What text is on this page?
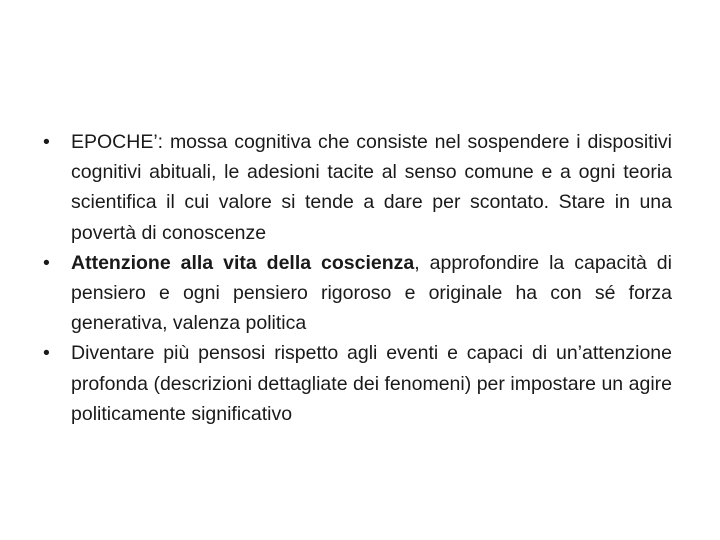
•	EPOCHE’: mossa cognitiva che consiste nel sospendere i dispositivi cognitivi abituali, le adesioni tacite al senso comune e a ogni teoria scientifica il cui valore si tende a dare per scontato. Stare in una povertà di conoscenze
•	Attenzione alla vita della coscienza, approfondire la capacità di pensiero e ogni pensiero rigoroso e originale ha con sé forza generativa, valenza politica
•	Diventare più pensosi rispetto agli eventi e capaci di un’attenzione profonda (descrizioni dettagliate dei fenomeni) per impostare un agire politicamente significativo
